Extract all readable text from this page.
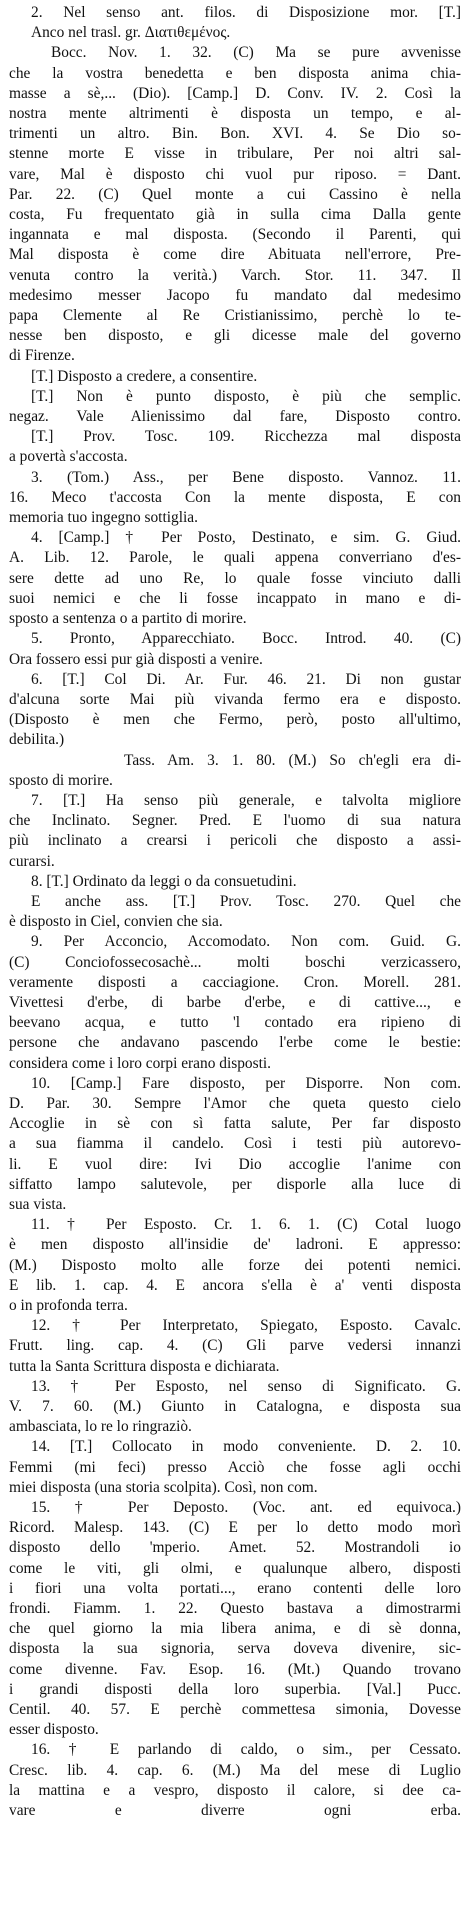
2. Nel senso ant. filos. di Disposizione mor. [T.]
Anco nel trasl. gr. Διατιθεμένος.
Bocc. Nov. 1. 32. (C) Ma se pure avvenisse
che la vostra benedetta e ben disposta anima chia-
masse a sè,... (Dio). [Camp.] D. Conv. IV. 2. Così la
nostra mente altrimenti è disposta un tempo, e al-
trimenti un altro. Bin. Bon. XVI. 4. Se Dio so-
stenne morte E visse in tribulare, Per noi altri sal-
vare, Mal è disposto chi vuol pur riposo. = Dant.
Par. 22. (C) Quel monte a cui Cassino è nella
costa, Fu frequentato già in sulla cima Dalla gente
ingannata e mal disposta. (Secondo il Parenti, qui
Mal disposta è come dire Abituata nell'errore, Pre-
venuta contro la verità.) Varch. Stor. 11. 347. Il
medesimo messer Jacopo fu mandato dal medesimo
papa Clemente al Re Cristianissimo, perchè lo te-
nesse ben disposto, e gli dicesse male del governo
di Firenze.
[T.] Disposto a credere, a consentire.
[T.] Non è punto disposto, è più che semplic.
negaz. Vale Alienissimo dal fare, Disposto contro.
[T.] Prov. Tosc. 109. Ricchezza mal disposta
a povertà s'accosta.
3. (Tom.) Ass., per Bene disposto. Vannoz. 11.
16. Meco t'accosta Con la mente disposta, E con
memoria tuo ingegno sottiglia.
4. [Camp.] † Per Posto, Destinato, e sim. G. Giud.
A. Lib. 12. Parole, le quali appena converriano d'es-
sere dette ad uno Re, lo quale fosse vinciuto dalli
suoi nemici e che li fosse incappato in mano e di-
sposto a sentenza o a partito di morire.
5. Pronto, Apparecchiato. Bocc. Introd. 40. (C)
Ora fossero essi pur già disposti a venire.
6. [T.] Col Di. Ar. Fur. 46. 21. Di non gustar
d'alcuna sorte Mai più vivanda fermo era e disposto.
(Disposto è men che Fermo, però, posto all'ultimo,
debilita.)
Tass. Am. 3. 1. 80. (M.) So ch'egli era di-
sposto di morire.
7. [T.] Ha senso più generale, e talvolta migliore
che Inclinato. Segner. Pred. E l'uomo di sua natura
più inclinato a crearsi i pericoli che disposto a assi-
curarsi.
8. [T.] Ordinato da leggi o da consuetudini.
E anche ass. [T.] Prov. Tosc. 270. Quel che
è disposto in Ciel, convien che sia.
9. Per Acconcio, Accomodato. Non com. Guid. G.
(C) Conciofossecosachè... molti boschi verzicassero,
veramente disposti a cacciagione. Cron. Morell. 281.
Vivettesi d'erbe, di barbe d'erbe, e di cattive..., e
beevano acqua, e tutto 'l contado era ripieno di
persone che andavano pascendo l'erbe come le bestie:
considera come i loro corpi erano disposti.
10. [Camp.] Fare disposto, per Disporre. Non com.
D. Par. 30. Sempre l'Amor che queta questo cielo
Accoglie in sè con sì fatta salute, Per far disposto
a sua fiamma il candelo. Così i testi più autorevo-
li. E vuol dire: Ivi Dio accoglie l'anime con
siffatto lampo salutevole, per disporle alla luce di
sua vista.
11. † Per Esposto. Cr. 1. 6. 1. (C) Cotal luogo
è men disposto all'insidie de' ladroni. E appresso:
(M.) Disposto molto alle forze dei potenti nemici.
E lib. 1. cap. 4. E ancora s'ella è a' venti disposta
o in profonda terra.
12. † Per Interpretato, Spiegato, Esposto. Cavalc.
Frutt. ling. cap. 4. (C) Gli parve vedersi innanzi
tutta la Santa Scrittura disposta e dichiarata.
13. † Per Esposto, nel senso di Significato. G.
V. 7. 60. (M.) Giunto in Catalogna, e disposta sua
ambasciata, lo re lo ringraziò.
14. [T.] Collocato in modo conveniente. D. 2. 10.
Femmi (mi feci) presso Acciò che fosse agli occhi
miei disposta (una storia scolpita). Così, non com.
15. † Per Deposto. (Voc. ant. ed equivoca.)
Ricord. Malesp. 143. (C) E per lo detto modo morì
disposto dello 'mperio. Amet. 52. Mostrandoli io
come le viti, gli olmi, e qualunque albero, disposti
i fiori una volta portati..., erano contenti delle loro
frondi. Fiamm. 1. 22. Questo bastava a dimostrarmi
che quel giorno la mia libera anima, e di sè donna,
disposta la sua signoria, serva doveva divenire, sic-
come divenne. Fav. Esop. 16. (Mt.) Quando trovano
i grandi disposti della loro superbia. [Val.] Pucc.
Centil. 40. 57. E perchè commettesa simonia, Dovesse
esser disposto.
16. † E parlando di caldo, o sim., per Cessato.
Cresc. lib. 4. cap. 6. (M.) Ma del mese di Luglio
la mattina e a vespro, disposto il calore, si dee ca-
vare e diverre ogni erba.
